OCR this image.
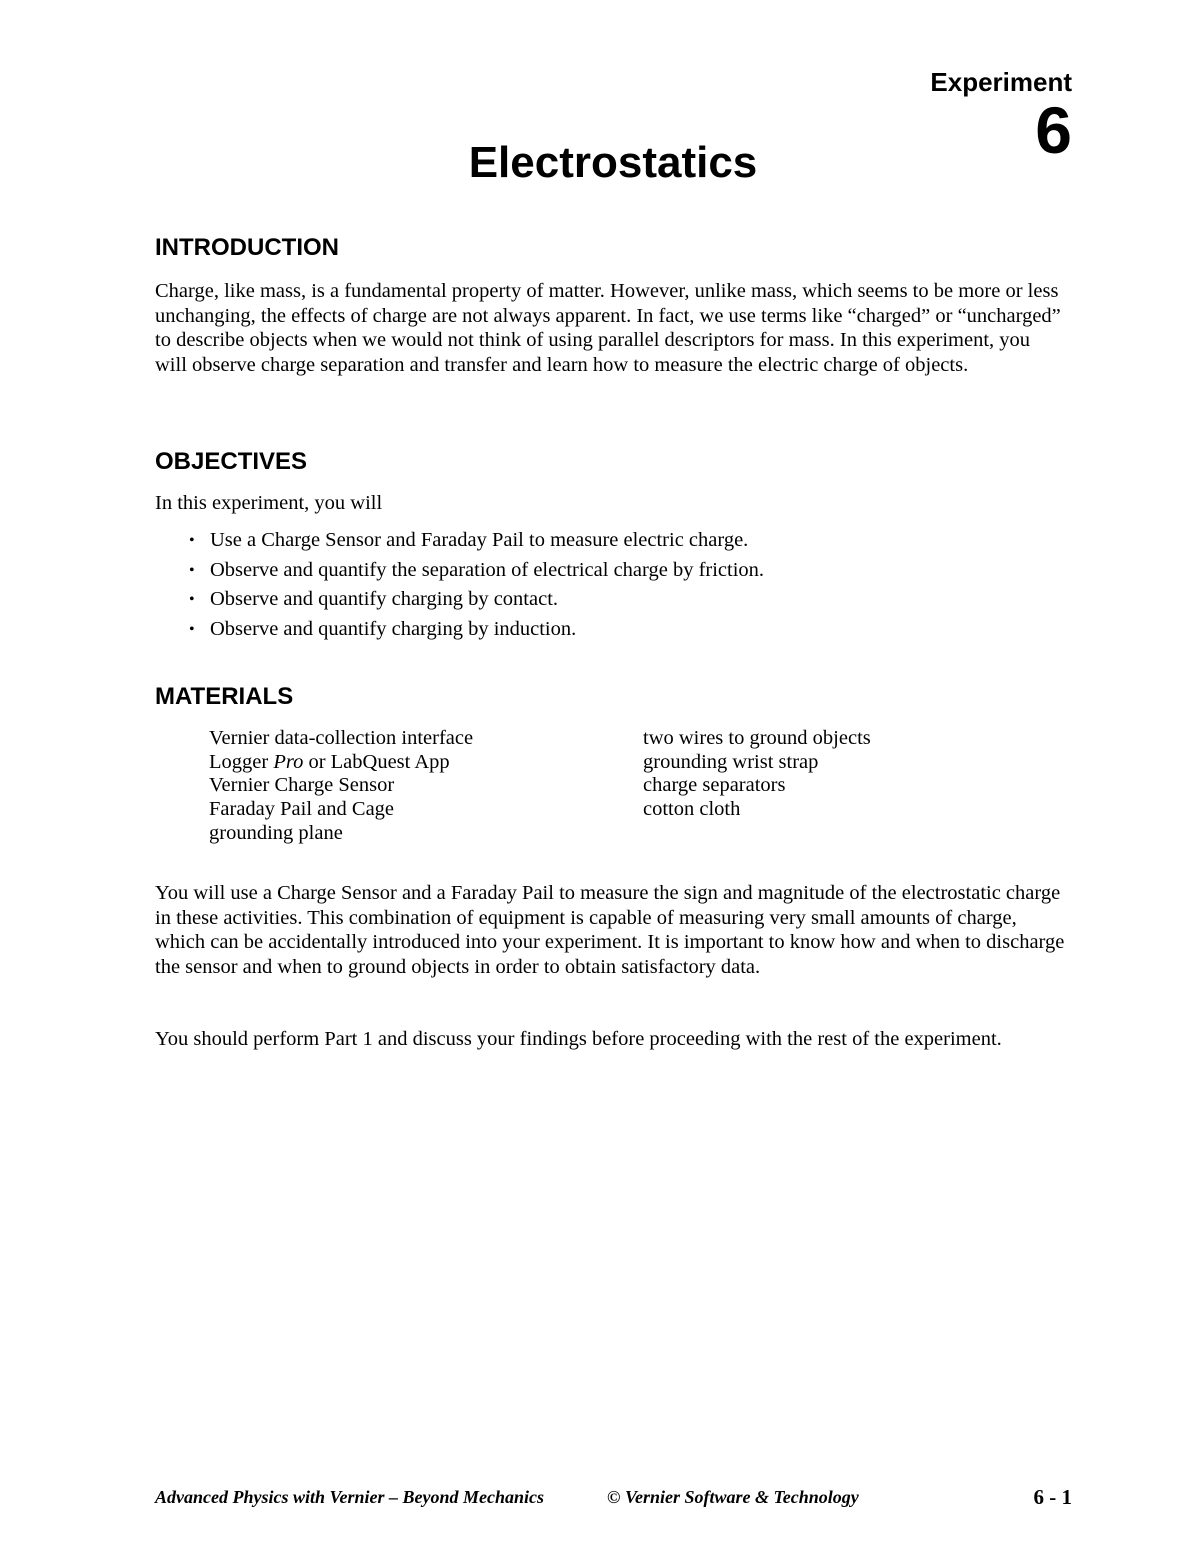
Experiment
6
Electrostatics
INTRODUCTION

Charge, like mass, is a fundamental property of matter. However, unlike mass, which seems to be more or less unchanging, the effects of charge are not always apparent. In fact, we use terms like “charged” or “uncharged” to describe objects when we would not think of using parallel descriptors for mass. In this experiment, you will observe charge separation and transfer and learn how to measure the electric charge of objects.

OBJECTIVES

In this experiment, you will

• Use a Charge Sensor and Faraday Pail to measure electric charge.
• Observe and quantify the separation of electrical charge by friction.
• Observe and quantify charging by contact.
• Observe and quantify charging by induction.
MATERIALS
Vernier data-collection interface
Logger Pro or LabQuest App
Vernier Charge Sensor
Faraday Pail and Cage
grounding plane
two wires to ground objects
grounding wrist strap
charge separators
cotton cloth

You will use a Charge Sensor and a Faraday Pail to measure the sign and magnitude of the electrostatic charge in these activities. This combination of equipment is capable of measuring very small amounts of charge, which can be accidentally introduced into your experiment. It is important to know how and when to discharge the sensor and when to ground objects in order to obtain satisfactory data.

You should perform Part 1 and discuss your findings before proceeding with the rest of the experiment.

Advanced Physics with Vernier – Beyond Mechanics	© Vernier Software & Technology	6 - 1
